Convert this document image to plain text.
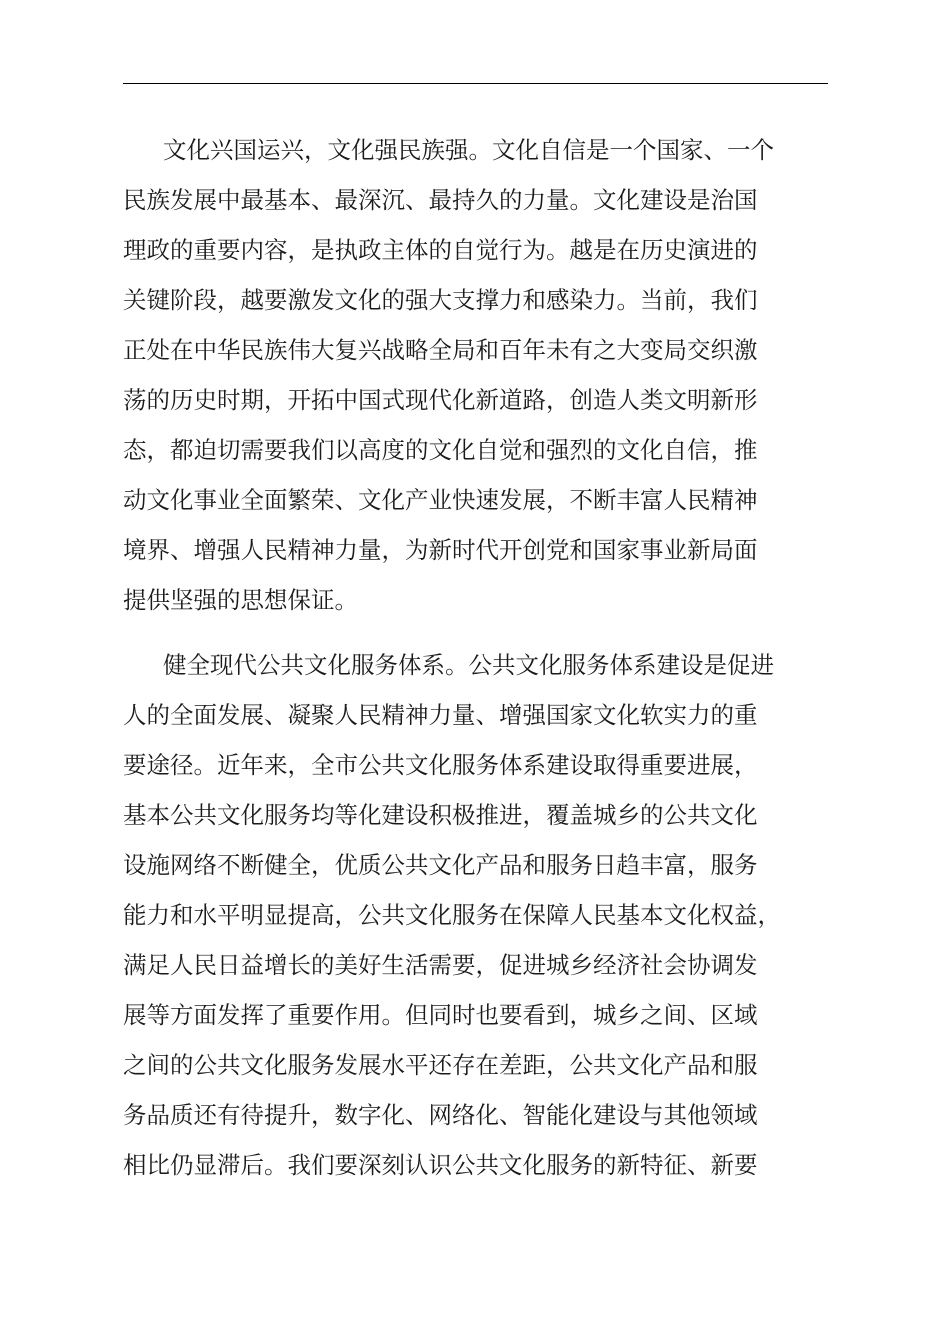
文化兴国运兴，文化强民族强。文化自信是一个国家、一个
民族发展中最基本、最深沉、最持久的力量。文化建设是治国
理政的重要内容，是执政主体的自觉行为。越是在历史演进的
关键阶段，越要激发文化的强大支撑力和感染力。当前，我们
正处在中华民族伟大复兴战略全局和百年未有之大变局交织激
荡的历史时期，开拓中国式现代化新道路，创造人类文明新形
态，都迫切需要我们以高度的文化自觉和强烈的文化自信，推
动文化事业全面繁荣、文化产业快速发展，不断丰富人民精神
境界、增强人民精神力量，为新时代开创党和国家事业新局面
提供坚强的思想保证。
健全现代公共文化服务体系。公共文化服务体系建设是促进
人的全面发展、凝聚人民精神力量、增强国家文化软实力的重
要途径。近年来，全市公共文化服务体系建设取得重要进展，
基本公共文化服务均等化建设积极推进，覆盖城乡的公共文化
设施网络不断健全，优质公共文化产品和服务日趋丰富，服务
能力和水平明显提高，公共文化服务在保障人民基本文化权益，
满足人民日益增长的美好生活需要，促进城乡经济社会协调发
展等方面发挥了重要作用。但同时也要看到，城乡之间、区域
之间的公共文化服务发展水平还存在差距，公共文化产品和服
务品质还有待提升，数字化、网络化、智能化建设与其他领域
相比仍显滞后。我们要深刻认识公共文化服务的新特征、新要
